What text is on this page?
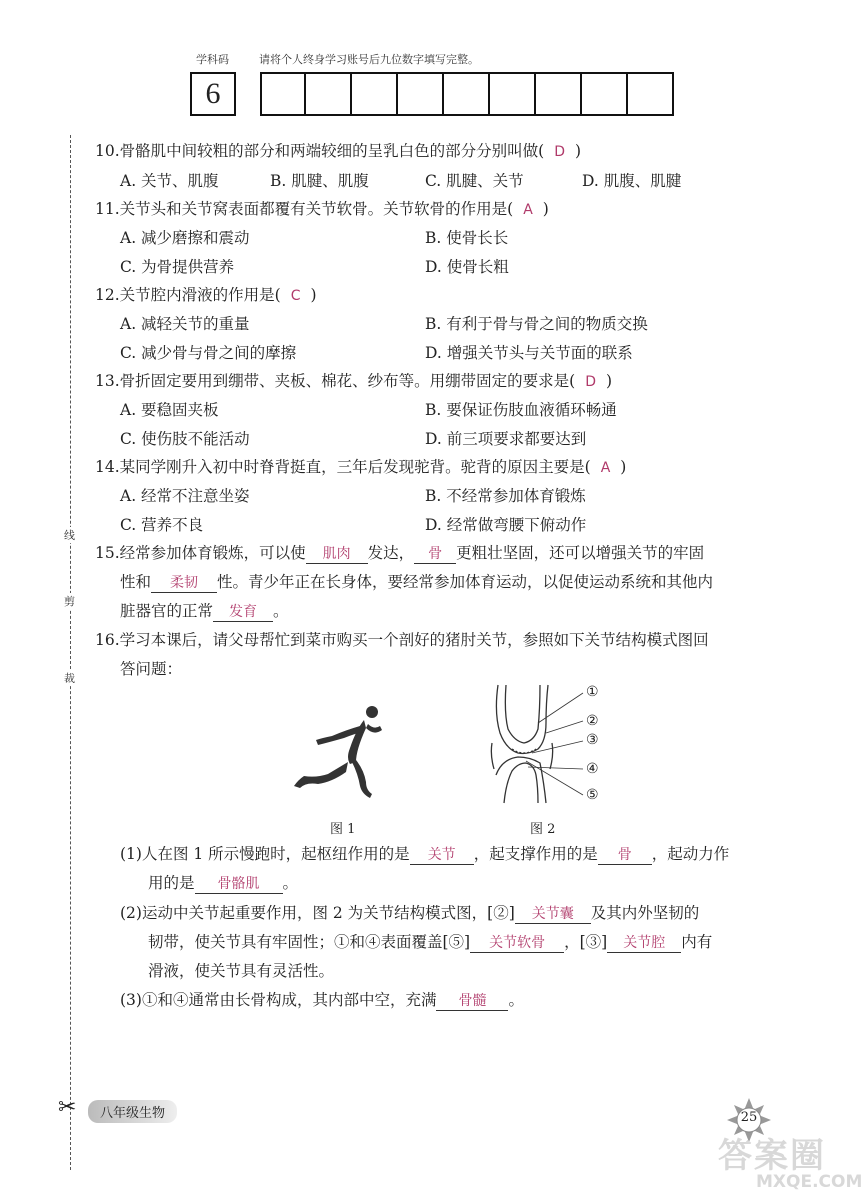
学科码	请将个人终身学习账号后九位数字填写完整。
6
线
剪
裁
✂
10.骨骼肌中间较粗的部分和两端较细的呈乳白色的部分分别叫做( D )
A. 关节、肌腹	B. 肌腱、肌腹	C. 肌腱、关节	D. 肌腹、肌腱
11.关节头和关节窝表面都覆有关节软骨。关节软骨的作用是( A )
A. 减少磨擦和震动	B. 使骨长长
C. 为骨提供营养	D. 使骨长粗
12.关节腔内滑液的作用是( C )
A. 减轻关节的重量	B. 有利于骨与骨之间的物质交换
C. 减少骨与骨之间的摩擦	D. 增强关节头与关节面的联系
13.骨折固定要用到绷带、夹板、棉花、纱布等。用绷带固定的要求是( D )
A. 要稳固夹板	B. 要保证伤肢血液循环畅通
C. 使伤肢不能活动	D. 前三项要求都要达到
14.某同学刚升入初中时脊背挺直，三年后发现驼背。驼背的原因主要是( A )
A. 经常不注意坐姿	B. 不经常参加体育锻炼
C. 营养不良	D. 经常做弯腰下俯动作
15.经常参加体育锻炼，可以使 肌肉 发达， 骨 更粗壮坚固，还可以增强关节的牢固
性和 柔韧 性。青少年正在长身体，要经常参加体育运动，以促使运动系统和其他内
脏器官的正常 发育 。
16.学习本课后，请父母帮忙到菜市购买一个剖好的猪肘关节，参照如下关节结构模式图回
答问题：
①
②
③
④
⑤
图 1	图 2
(1)人在图 1 所示慢跑时，起枢纽作用的是 关节 ，起支撑作用的是 骨 ，起动力作
用的是 骨骼肌 。
(2)运动中关节起重要作用，图 2 为关节结构模式图，[②] 关节囊 及其内外坚韧的
韧带，使关节具有牢固性；①和④表面覆盖[⑤] 关节软骨 ，[③] 关节腔 内有
滑液，使关节具有灵活性。
(3)①和④通常由长骨构成，其内部中空，充满 骨髓 。
八年级生物	25
答案圈
MXQE.COM
